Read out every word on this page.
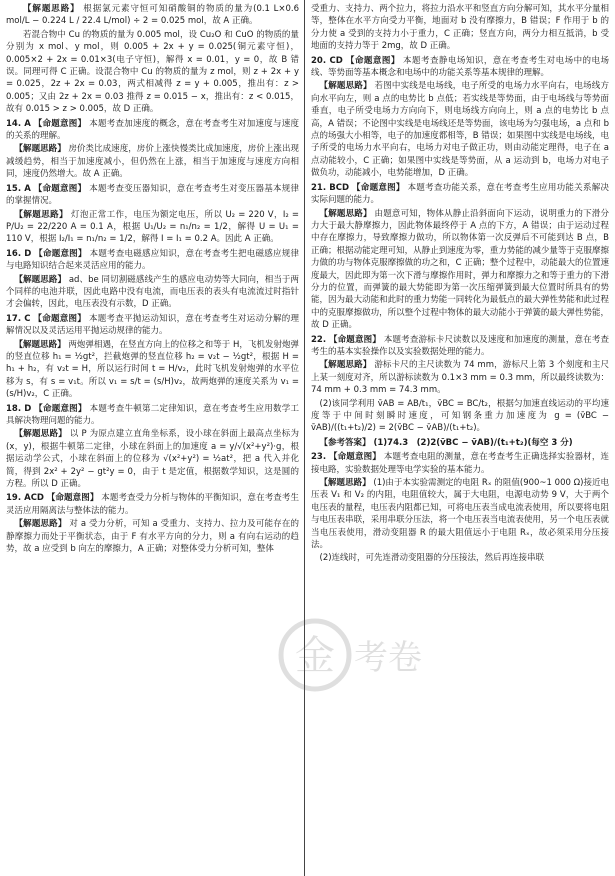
【解题思路】 根据氯元素守恒可知硝酸铜的物质的量为(0.1 L×0.6 mol/L − 0.224 L / 22.4 L/mol) ÷ 2 = 0.025 mol，故 A 正确。

若混合物中 Cu 的物质的量为 0.005 mol，设 Cu₂O 和 CuO 的物质的量分别为 x mol、y mol，则 0.005 + 2x + y = 0.025(铜元素守恒)，0.005×2 + 2x = 0.01×3(电子守恒)，解得 x = 0.01，y = 0，故 B 错误。同理可得 C 正确。设混合物中 Cu 的物质的量为 z mol，则 z + 2x + y = 0.025，2z + 2x = 0.03，两式相减得 z = y + 0.005，推出有：z > 0.005；又由 2z + 2x = 0.03 推得 z = 0.015 − x，推出有：z < 0.015，故有 0.015 > z > 0.005，故 D 正确。

14. A 【命题意图】 本题考查加速度的概念，意在考查考生对加速度与速度的关系的理解。

【解题思路】 房价类比成速度，房价上涨快慢类比成加速度，房价上涨出现减缓趋势，相当于加速度减小，但仍然在上涨，相当于加速度与速度方向相同，速度仍然增大。故 A 正确。

15. A 【命题意图】 本题考查变压器知识，意在考查考生对变压器基本规律的掌握情况。

【解题思路】 灯泡正常工作，电压为额定电压，所以 U₂ = 220 V，I₂ = P/U₂ = 22/220 A = 0.1 A，根据 U₁/U₂ = n₁/n₂ = 1/2，解得 U = U₁ = 110 V，根据 I₂/I₁ = n₁/n₂ = 1/2，解得 I = I₁ = 0.2 A。因此 A 正确。

16. D 【命题意图】 本题考查电磁感应知识，意在考查考生把电磁感应规律与电路知识结合起来灵活应用的能力。

【解题思路】 ad、be 同切割磁感线产生的感应电动势等大同向，相当于两个同样的电池并联，因此电路中没有电流，而电压表的表头有电流流过时指针才会偏转，因此，电压表没有示数，D 正确。

17. C 【命题意图】 本题考查平抛运动知识，意在考查考生对运动分解的理解情况以及灵活运用平抛运动规律的能力。

【解题思路】 两炮弹相遇，在竖直方向上的位移之和等于 H，飞机发射炮弹的竖直位移 h₁ = ½gt²，拦截炮弹的竖直位移 h₂ = v₂t − ½gt²，根据 H = h₁ + h₂，有 v₂t = H，所以运行时间 t = H/v₂，此时飞机发射炮弹的水平位移为 s，有 s = v₁t。所以 v₁ = s/t = (s/H)v₂，故两炮弹的速度关系为 v₁ = (s/H)v₂，C 正确。

18. D 【命题意图】 本题考查牛顿第二定律知识，意在考查考生应用数学工具解决物理问题的能力。

【解题思路】 以 P 为原点建立直角坐标系，设小球在斜面上最高点坐标为(x，y)，根据牛顿第二定律，小球在斜面上的加速度 a = y/√(x²+y²)·g，根据运动学公式，小球在斜面上的位移为 √(x²+y²) = ½at²，把 a 代入并化简，得到 2x² + 2y² − gt²y = 0，由于 t 是定值，根据数学知识，这是圆的方程。所以 D 正确。

19. ACD 【命题意图】 本题考查受力分析与物体的平衡知识，意在考查考生灵活应用隔离法与整体法的能力。

【解题思路】 对 a 受力分析，可知 a 受重力、支持力、拉力及可能存在的静摩擦力而处于平衡状态，由于 F 有水平方向的分力，则 a 有向右运动的趋势，故 a 应受到 b 向左的摩擦力，A 正确；对整体受力分析可知，整体

受重力、支持力、两个拉力，将拉力沿水平和竖直方向分解可知，其水平分量相等，整体在水平方向受力平衡，地面对 b 没有摩擦力，B 错误；F 作用于 b 的分力使 a 受到的支持力小于重力，C 正确；竖直方向，两分力相互抵消，b 受地面的支持力等于 2mg，故 D 正确。

20. CD 【命题意图】 本题考查静电场知识，意在考查考生对电场中的电场线、等势面等基本概念和电场中的功能关系等基本规律的理解。

【解题思路】 若图中实线是电场线，电子所受的电场力水平向右，电场线方向水平向左，则 a 点的电势比 b 点低；若实线是等势面，由于电场线与等势面垂直，电子所受电场力方向向下，则电场线方向向上，则 a 点的电势比 b 点高，A 错误；不论图中实线是电场线还是等势面，该电场为匀强电场，a 点和 b 点的场强大小相等，电子的加速度都相等，B 错误；如果图中实线是电场线，电子所受的电场力水平向右，电场力对电子做正功，则由动能定理得，电子在 a 点动能较小，C 正确；如果图中实线是等势面，从 a 运动到 b，电场力对电子做负功，动能减小，电势能增加，D 正确。

21. BCD 【命题意图】 本题考查功能关系，意在考查考生应用功能关系解决实际问题的能力。

【解题思路】 由题意可知，物体从静止沿斜面向下运动，说明重力的下滑分力大于最大静摩擦力，因此物体最终停于 A 点的下方，A 错误；由于运动过程中存在摩擦力，导致摩擦力做功，所以物体第一次反弹后不可能到达 B 点，B 正确；根据动能定理可知，从静止到速度为零，重力势能的减少量等于克服摩擦力做的功与物体克服摩擦做的功之和，C 正确；整个过程中，动能最大的位置速度最大，因此即为第一次下滑与摩擦作用时，弹力和摩擦力之和等于重力的下滑分力的位置，而弹簧的最大势能即为第一次压缩弹簧到最大位置时所具有的势能，因为最大动能和此时的重力势能一同转化为最低点的最大弹性势能和此过程中的克服摩擦做功，所以整个过程中物体的最大动能小于弹簧的最大弹性势能，故 D 正确。

22. 【命题意图】 本题考查游标卡尺读数以及速度和加速度的测量，意在考查考生的基本实验操作以及实验数据处理的能力。

【解题思路】 游标卡尺的主尺读数为 74 mm，游标尺上第 3 个刻度和主尺上某一刻度对齐，所以游标读数为 0.1×3 mm = 0.3 mm，所以最终读数为：74 mm + 0.3 mm = 74.3 mm。

(2)该同学利用 v̄AB = AB/t₁，v̄BC = BC/t₂，根据匀加速直线运动的平均速度等于中间时刻瞬时速度，可知钢条重力加速度为 g = (v̄BC − v̄AB)/((t₁+t₂)/2) = 2(v̄BC − v̄AB)/(t₁+t₂)。

【参考答案】 (1)74.3　(2)2(v̄BC − v̄AB)/(t₁+t₂)(每空 3 分)

23. 【命题意图】 本题考查电阻的测量，意在考查考生正确选择实验器材，连接电路，实验数据处理等电学实验的基本能力。

【解题思路】 (1)由于本实验需测定的电阻 Rₓ 的阻值(900~1 000 Ω)接近电压表 V₁ 和 V₂ 的内阻，电阻值较大，属于大电阻，电源电动势 9 V，大于两个电压表的量程，电压表内阻都已知，可将电压表当成电流表使用，所以要将电阻与电压表串联，采用串联分压法，将一个电压表当电流表使用，另一个电压表就当电压表使用，滑动变阻器 R 的最大阻值远小于电阻 Rₓ，故必须采用分压接法。

(2)连线时，可先连滑动变阻器的分压接法，然后再连接串联

金 考卷
